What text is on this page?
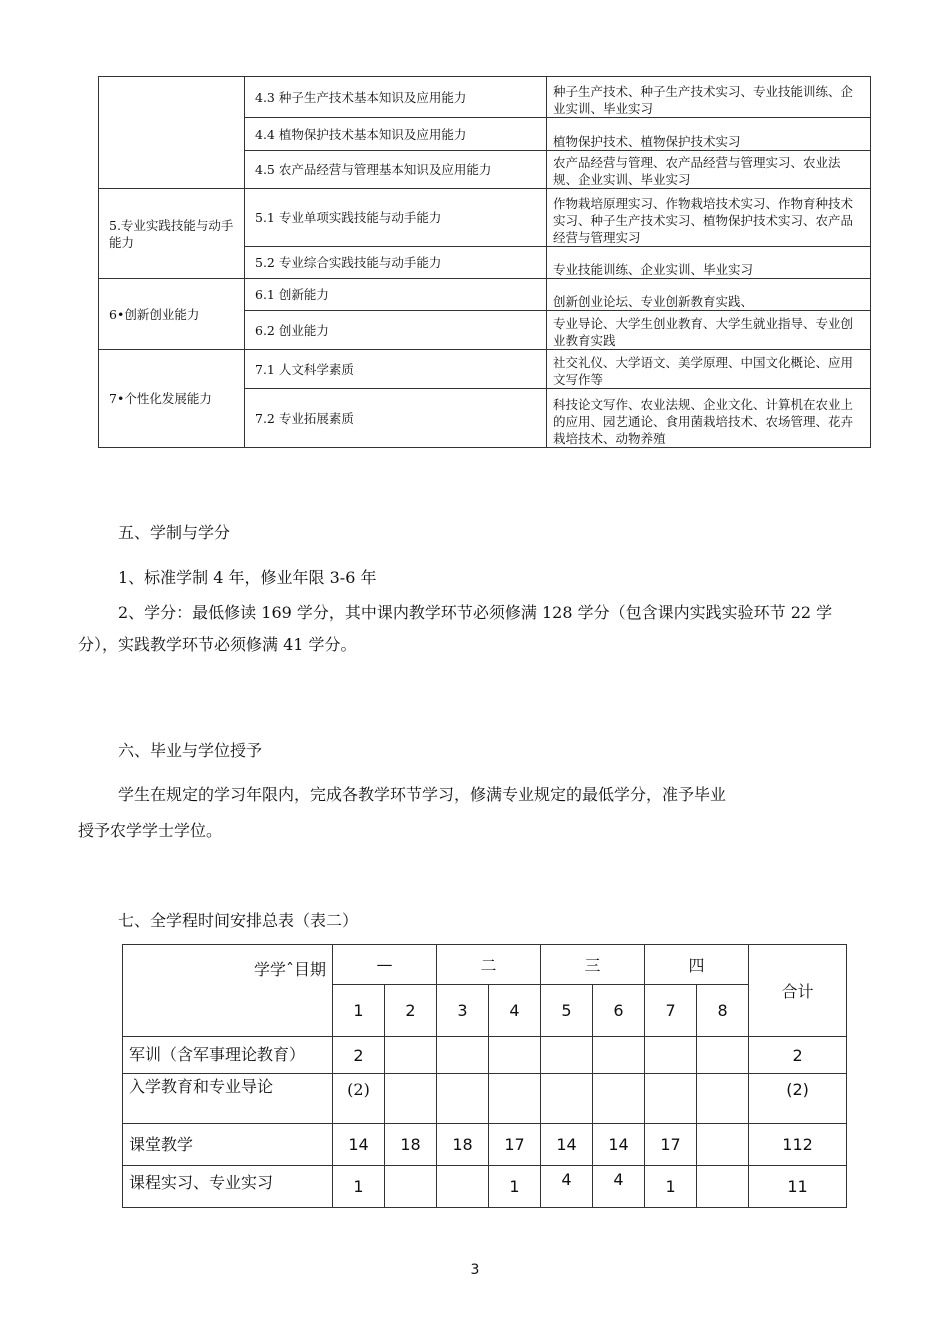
	4.3 种子生产技术基本知识及应用能力	种子生产技术、种子生产技术实习、专业技能训练、企业实训、毕业实习
	4.4 植物保护技术基本知识及应用能力	植物保护技术、植物保护技术实习
	4.5 农产品经营与管理基本知识及应用能力	农产品经营与管理、农产品经营与管理实习、农业法规、企业实训、毕业实习
5.专业实践技能与动手能力	5.1 专业单项实践技能与动手能力	作物栽培原理实习、作物栽培技术实习、作物育种技术实习、种子生产技术实习、植物保护技术实习、农产品经营与管理实习
	5.2 专业综合实践技能与动手能力	专业技能训练、企业实训、毕业实习
6•创新创业能力	6.1 创新能力	创新创业论坛、专业创新教育实践、
	6.2 创业能力	专业导论、大学生创业教育、大学生就业指导、专业创业教育实践
7•个性化发展能力	7.1 人文科学素质	社交礼仪、大学语文、美学原理、中国文化概论、应用文写作等
	7.2 专业拓展素质	科技论文写作、农业法规、企业文化、计算机在农业上的应用、园艺通论、食用菌栽培技术、农场管理、花卉栽培技术、动物养殖
五、学制与学分
1、标准学制 4 年，修业年限 3-6 年
2、学分：最低修读 169 学分，其中课内教学环节必须修满 128 学分（包含课内实践实验环节 22 学分），实践教学环节必须修满 41 学分。
六、毕业与学位授予
学生在规定的学习年限内，完成各教学环节学习，修满专业规定的最低学分，准予毕业
授予农学学士学位。
七、全学程时间安排总表（表二）
学学ˆ目期	—		二		三		四		合计
	1	2	3	4	5	6	7	8	
军训（含军事理论教育）	2								2
入学教育和专业导论	(2)								(2)
课堂教学	14	18	18	17	14	14	17		112
课程实习、专业实习	1			1	4	4	1		11
3
